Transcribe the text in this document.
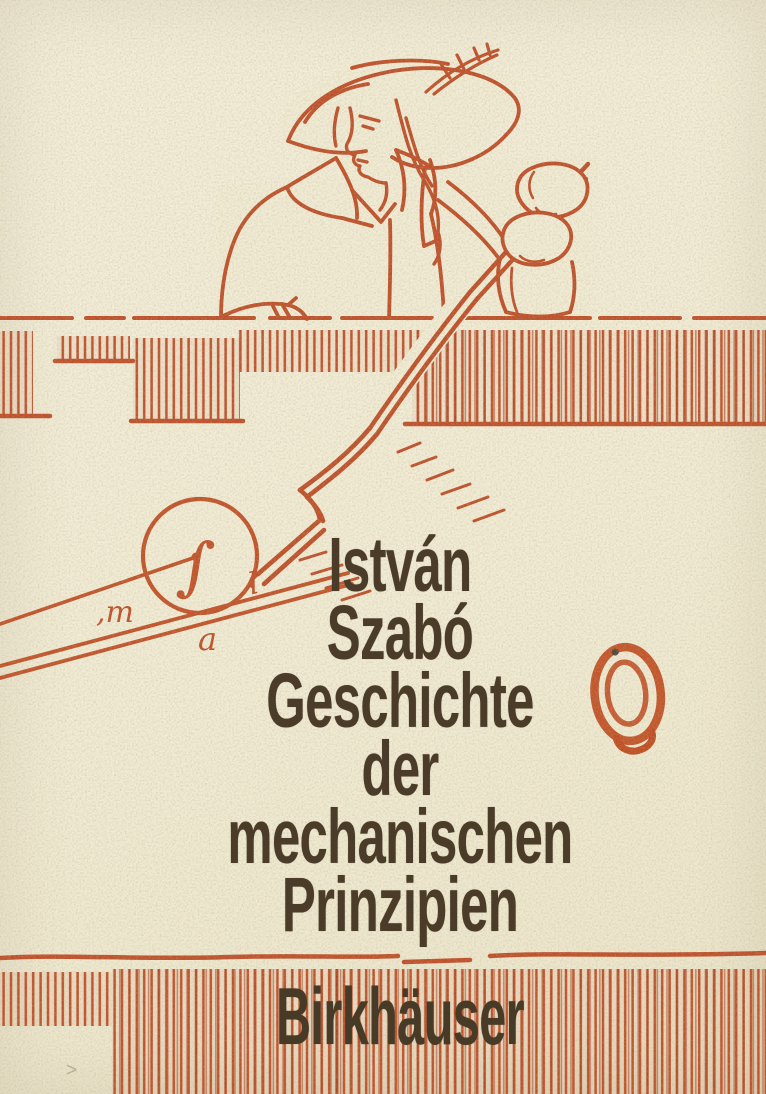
István
Szabó
Geschichte
der
mechanischen
Prinzipien
Birkhäuser
>
